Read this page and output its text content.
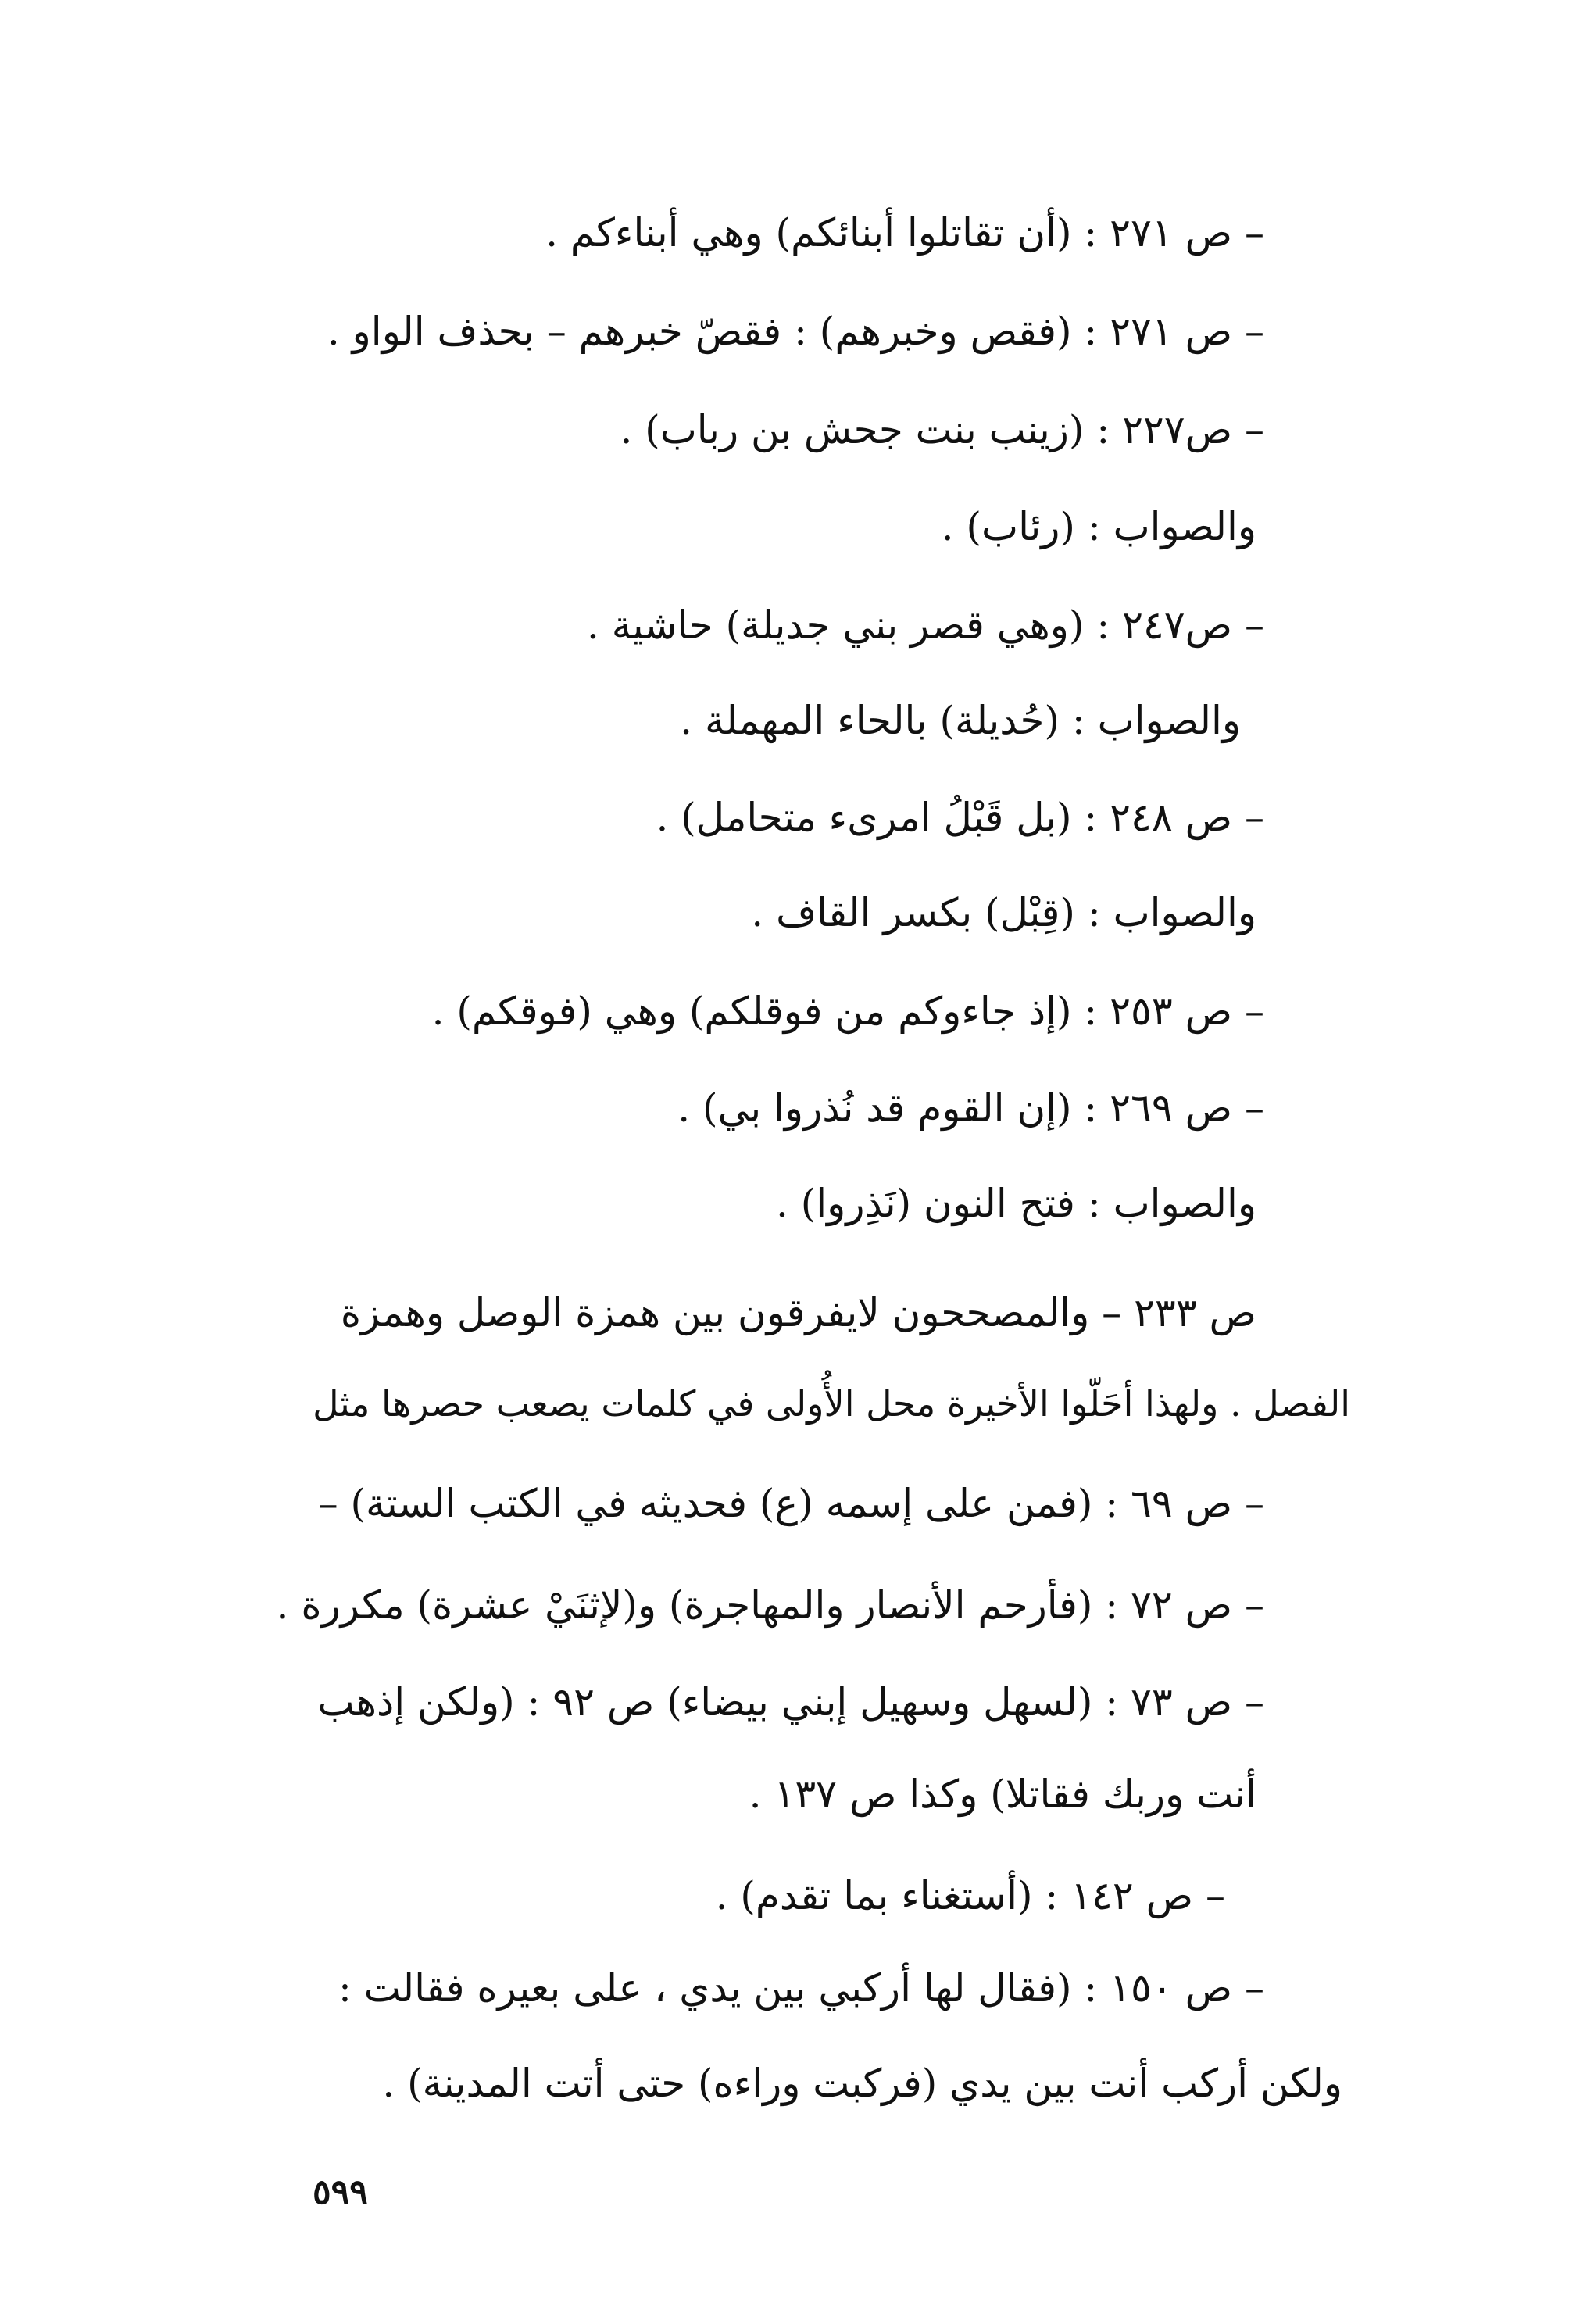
– ص ٢٧١ : (أن تقاتلوا أبنائكم) وهي أبناءكم .
– ص ٢٧١ : (فقص وخبرهم) : فقصّ خبرهم – بحذف الواو .
– ص٢٢٧ : (زينب بنت جحش بن رباب) .
والصواب : (رئاب) .
– ص٢٤٧ : (وهي قصر بني جديلة) حاشية .
والصواب : (حُديلة) بالحاء المهملة .
– ص ٢٤٨ : (بل قَبْلُ امرىء متحامل) .
والصواب : (قِبْل) بكسر القاف .
– ص ٢٥٣ : (إذ جاءوكم من فوقلكم) وهي (فوقكم) .
– ص ٢٦٩ : (إن القوم قد نُذروا بي) .
والصواب : فتح النون (نَذِروا) .
ص ٢٣٣ – والمصححون لايفرقون بين همزة الوصل وهمزة
الفصل . ولهذا أحَلّوا الأخيرة محل الأُولى في كلمات يصعب حصرها مثل
– ص ٦٩ : (فمن على إسمه (ع) فحديثه في الكتب الستة) –
– ص ٧٢ : (فأرحم الأنصار والمهاجرة) و(لإثنَيْ عشرة) مكررة .
– ص ٧٣ : (لسهل وسهيل إبني بيضاء) ص ٩٢ : (ولكن إذهب
أنت وربك فقاتلا) وكذا ص ١٣٧ .
– ص ١٤٢ : (أستغناء بما تقدم) .
– ص ١٥٠ : (فقال لها أركبي بين يدي ، على بعيره فقالت :
ولكن أركب أنت بين يدي (فركبت وراءه) حتى أتت المدينة) .
٥٩٩
